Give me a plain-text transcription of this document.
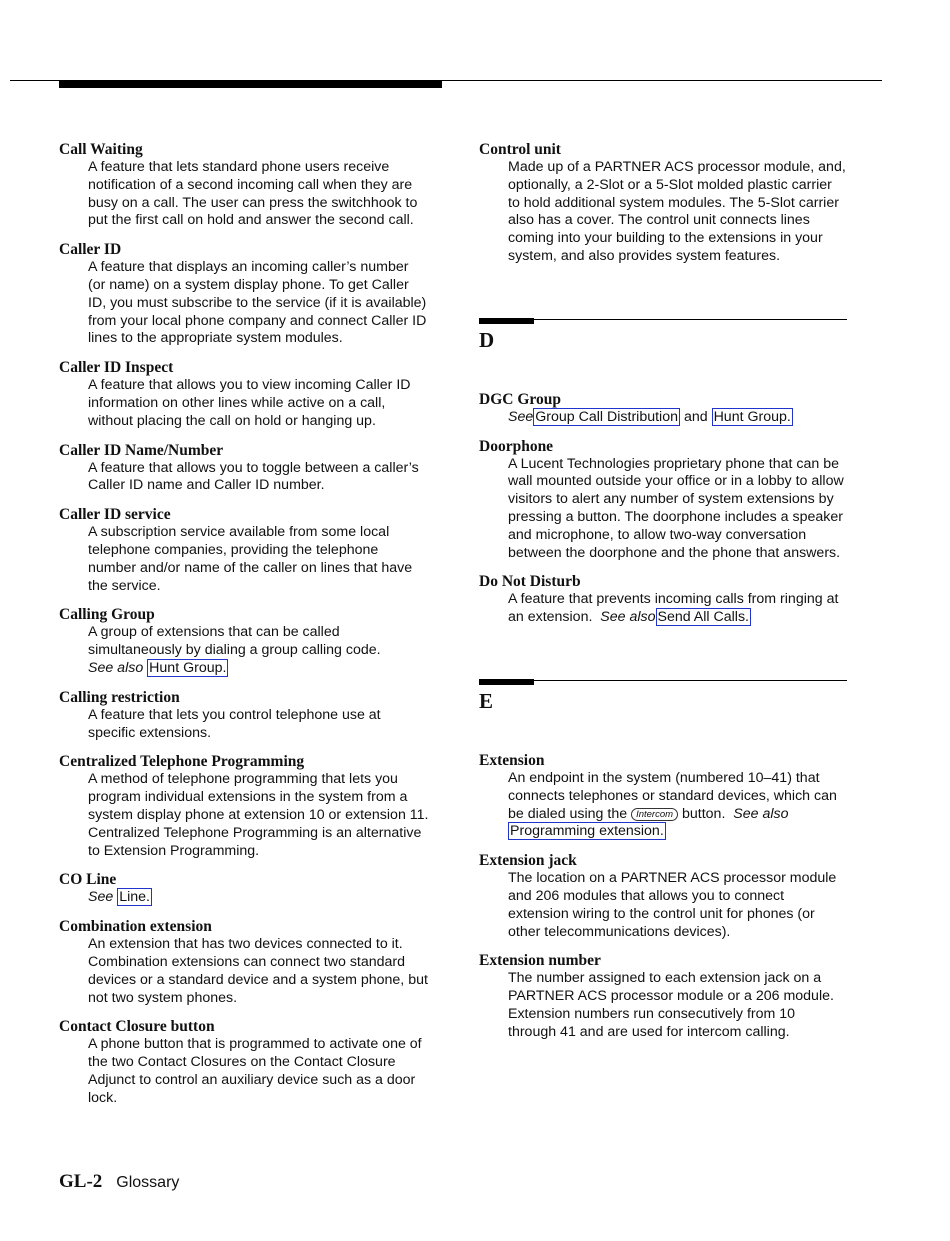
Call Waiting
A feature that lets standard phone users receive notification of a second incoming call when they are busy on a call. The user can press the switchhook to put the first call on hold and answer the second call.
Caller ID
A feature that displays an incoming caller’s number (or name) on a system display phone. To get Caller ID, you must subscribe to the service (if it is available) from your local phone company and connect Caller ID lines to the appropriate system modules.
Caller ID Inspect
A feature that allows you to view incoming Caller ID information on other lines while active on a call, without placing the call on hold or hanging up.
Caller ID Name/Number
A feature that allows you to toggle between a caller’s Caller ID name and Caller ID number.
Caller ID service
A subscription service available from some local telephone companies, providing the telephone number and/or name of the caller on lines that have the service.
Calling Group
A group of extensions that can be called simultaneously by dialing a group calling code.
See also Hunt Group.
Calling restriction
A feature that lets you control telephone use at specific extensions.
Centralized Telephone Programming
A method of telephone programming that lets you program individual extensions in the system from a system display phone at extension 10 or extension 11. Centralized Telephone Programming is an alternative to Extension Programming.
CO Line
See Line.
Combination extension
An extension that has two devices connected to it. Combination extensions can connect two standard devices or a standard device and a system phone, but not two system phones.
Contact Closure button
A phone button that is programmed to activate one of the two Contact Closures on the Contact Closure Adjunct to control an auxiliary device such as a door lock.
Control unit
Made up of a PARTNER ACS processor module, and, optionally, a 2-Slot or a 5-Slot molded plastic carrier to hold additional system modules. The 5-Slot carrier also has a cover. The control unit connects lines coming into your building to the extensions in your system, and also provides system features.
D
DGC Group
See Group Call Distribution and Hunt Group.
Doorphone
A Lucent Technologies proprietary phone that can be wall mounted outside your office or in a lobby to allow visitors to alert any number of system extensions by pressing a button. The doorphone includes a speaker and microphone, to allow two-way conversation between the doorphone and the phone that answers.
Do Not Disturb
A feature that prevents incoming calls from ringing at an extension. See also Send All Calls.
E
Extension
An endpoint in the system (numbered 10–41) that connects telephones or standard devices, which can be dialed using the Intercom button. See also
Programming extension.
Extension jack
The location on a PARTNER ACS processor module and 206 modules that allows you to connect extension wiring to the control unit for phones (or other telecommunications devices).
Extension number
The number assigned to each extension jack on a PARTNER ACS processor module or a 206 module. Extension numbers run consecutively from 10 through 41 and are used for intercom calling.
GL-2 Glossary
